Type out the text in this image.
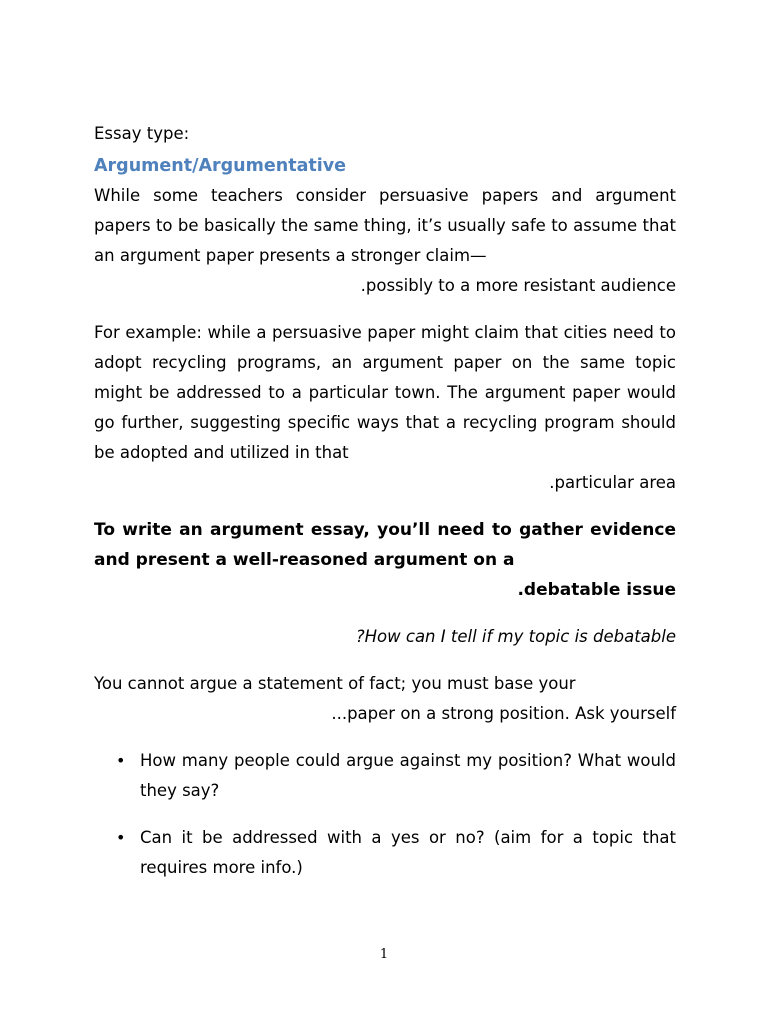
Essay type:

Argument/Argumentative

While some teachers consider persuasive papers and argument papers to be basically the same thing, it’s usually safe to assume that an argument paper presents a stronger claim—
.possibly to a more resistant audience

For example: while a persuasive paper might claim that cities need to adopt recycling programs, an argument paper on the same topic might be addressed to a particular town. The argument paper would go further, suggesting specific ways that a recycling program should be adopted and utilized in that
.particular area

To write an argument essay, you’ll need to gather evidence and present a well-reasoned argument on a
.debatable issue

?How can I tell if my topic is debatable

You cannot argue a statement of fact; you must base your
...paper on a strong position. Ask yourself

• How many people could argue against my position? What would they say?
• Can it be addressed with a yes or no? (aim for a topic that requires more info.)
1
